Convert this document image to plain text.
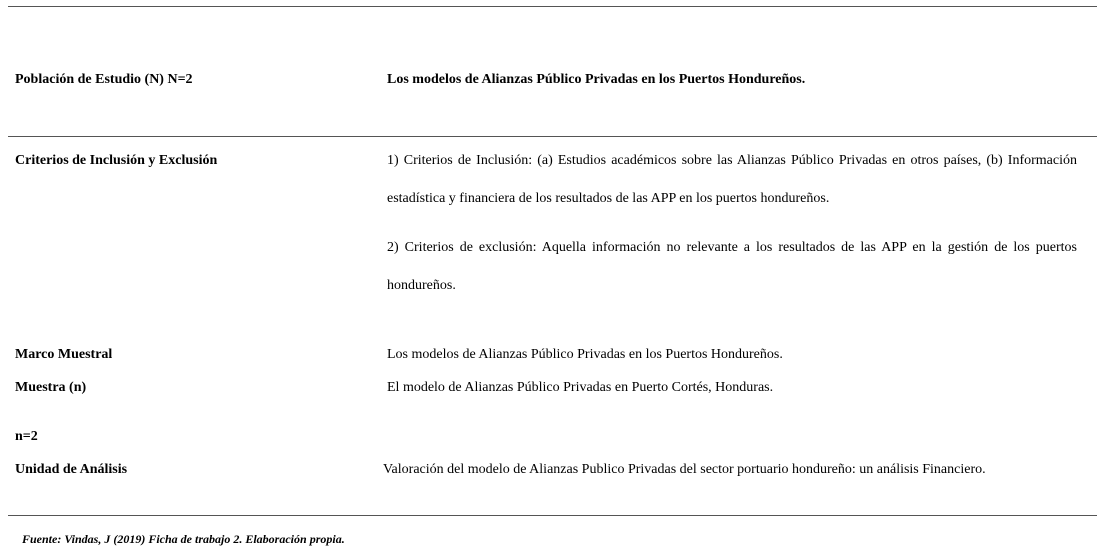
Población de Estudio (N) N=2	Los modelos de Alianzas Público Privadas en los Puertos Hondureños.
Criterios de Inclusión y Exclusión	1) Criterios de Inclusión: (a) Estudios académicos sobre las Alianzas Público Privadas en otros países, (b) Información estadística y financiera de los resultados de las APP en los puertos hondureños.
2) Criterios de exclusión: Aquella información no relevante a los resultados de las APP en la gestión de los puertos hondureños.
Marco Muestral	Los modelos de Alianzas Público Privadas en los Puertos Hondureños.
Muestra (n)	El modelo de Alianzas Público Privadas en Puerto Cortés, Honduras.
n=2
Unidad de Análisis	Valoración del modelo de Alianzas Publico Privadas del sector portuario hondureño: un análisis Financiero.
Fuente: Vindas, J (2019) Ficha de trabajo 2. Elaboración propia.
